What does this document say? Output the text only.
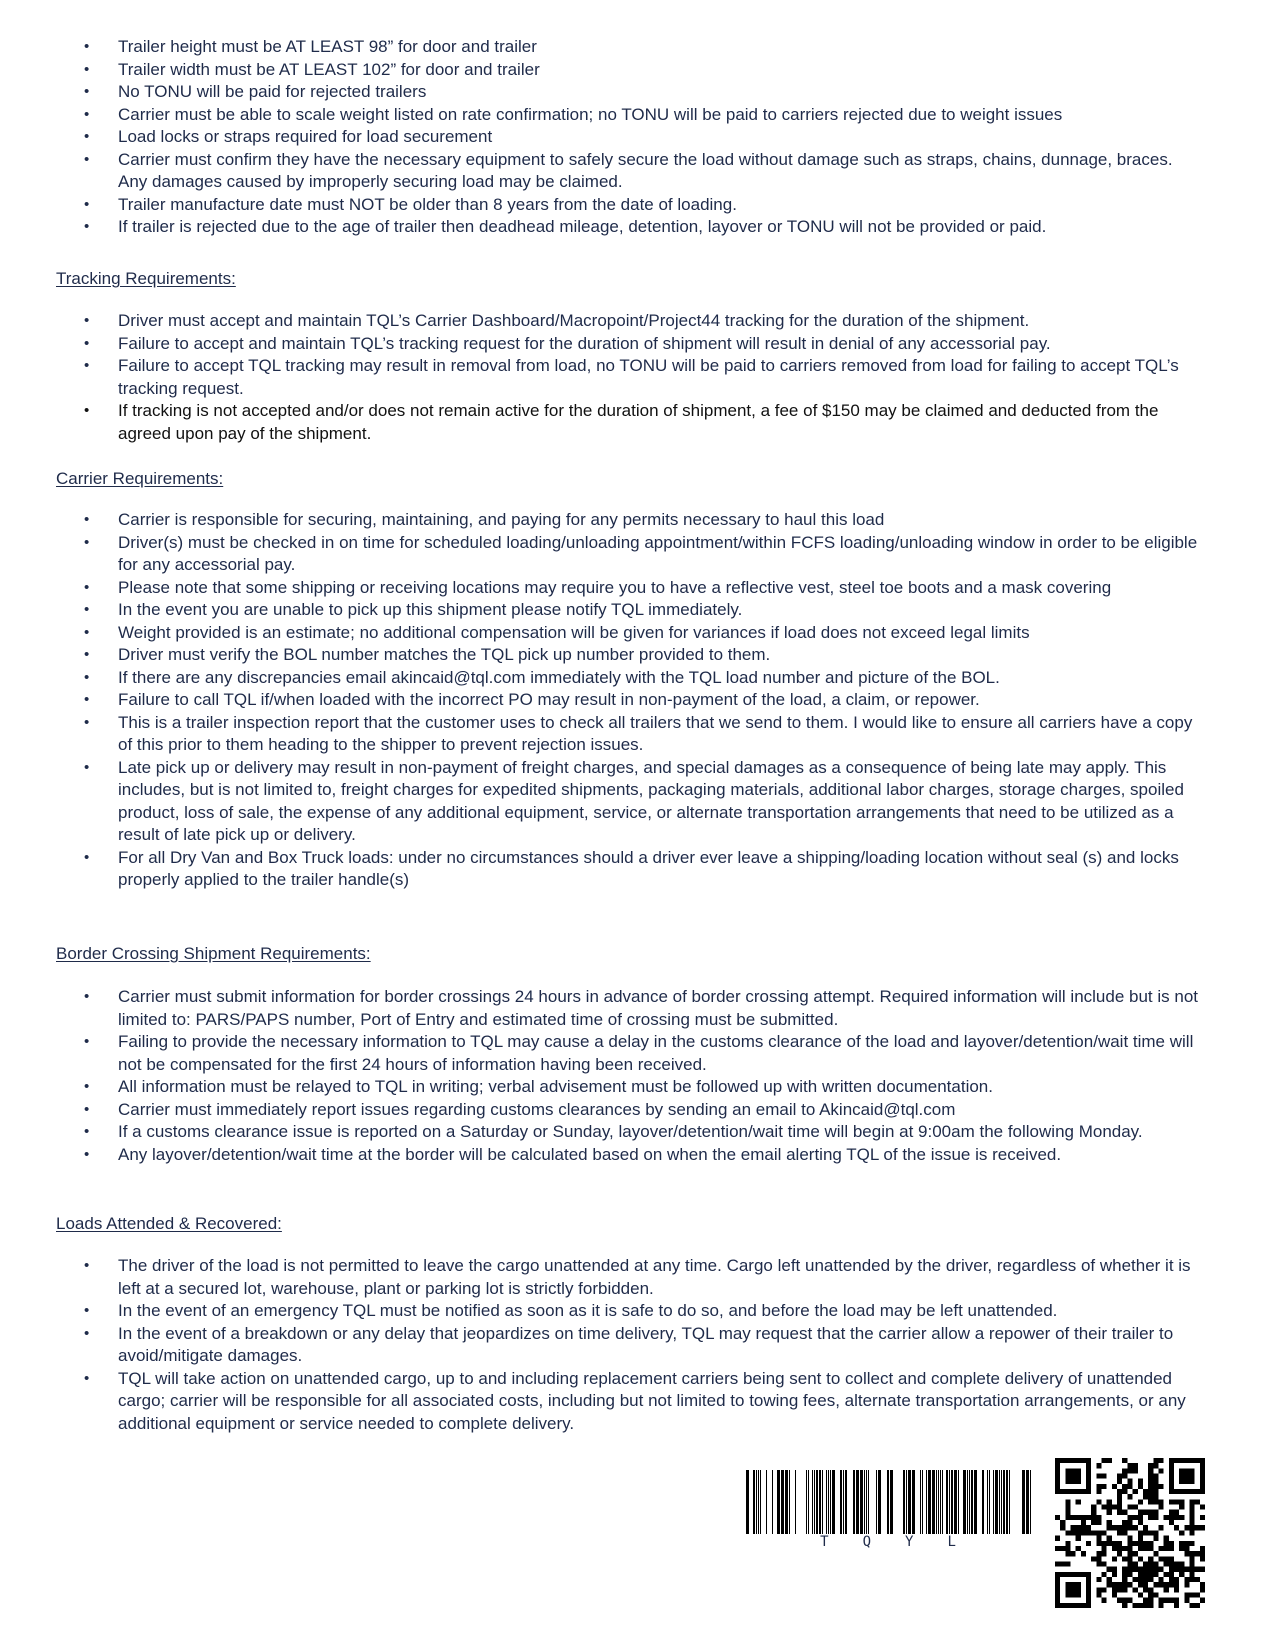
• Trailer height must be AT LEAST 98” for door and trailer
• Trailer width must be AT LEAST 102” for door and trailer
• No TONU will be paid for rejected trailers
• Carrier must be able to scale weight listed on rate confirmation; no TONU will be paid to carriers rejected due to weight issues
• Load locks or straps required for load securement
• Carrier must confirm they have the necessary equipment to safely secure the load without damage such as straps, chains, dunnage, braces. Any damages caused by improperly securing load may be claimed.
• Trailer manufacture date must NOT be older than 8 years from the date of loading.
• If trailer is rejected due to the age of trailer then deadhead mileage, detention, layover or TONU will not be provided or paid.
Tracking Requirements:
• Driver must accept and maintain TQL’s Carrier Dashboard/Macropoint/Project44 tracking for the duration of the shipment.
• Failure to accept and maintain TQL’s tracking request for the duration of shipment will result in denial of any accessorial pay.
• Failure to accept TQL tracking may result in removal from load, no TONU will be paid to carriers removed from load for failing to accept TQL’s tracking request.
• If tracking is not accepted and/or does not remain active for the duration of shipment, a fee of $150 may be claimed and deducted from the agreed upon pay of the shipment.
Carrier Requirements:
• Carrier is responsible for securing, maintaining, and paying for any permits necessary to haul this load
• Driver(s) must be checked in on time for scheduled loading/unloading appointment/within FCFS loading/unloading window in order to be eligible for any accessorial pay.
• Please note that some shipping or receiving locations may require you to have a reflective vest, steel toe boots and a mask covering
• In the event you are unable to pick up this shipment please notify TQL immediately.
• Weight provided is an estimate; no additional compensation will be given for variances if load does not exceed legal limits
• Driver must verify the BOL number matches the TQL pick up number provided to them.
• If there are any discrepancies email akincaid@tql.com immediately with the TQL load number and picture of the BOL.
• Failure to call TQL if/when loaded with the incorrect PO may result in non-payment of the load, a claim, or repower.
• This is a trailer inspection report that the customer uses to check all trailers that we send to them. I would like to ensure all carriers have a copy of this prior to them heading to the shipper to prevent rejection issues.
• Late pick up or delivery may result in non-payment of freight charges, and special damages as a consequence of being late may apply. This includes, but is not limited to, freight charges for expedited shipments, packaging materials, additional labor charges, storage charges, spoiled product, loss of sale, the expense of any additional equipment, service, or alternate transportation arrangements that need to be utilized as a result of late pick up or delivery.
• For all Dry Van and Box Truck loads: under no circumstances should a driver ever leave a shipping/loading location without seal (s) and locks properly applied to the trailer handle(s)
Border Crossing Shipment Requirements:
• Carrier must submit information for border crossings 24 hours in advance of border crossing attempt. Required information will include but is not limited to: PARS/PAPS number, Port of Entry and estimated time of crossing must be submitted.
• Failing to provide the necessary information to TQL may cause a delay in the customs clearance of the load and layover/detention/wait time will not be compensated for the first 24 hours of information having been received.
• All information must be relayed to TQL in writing; verbal advisement must be followed up with written documentation.
• Carrier must immediately report issues regarding customs clearances by sending an email to Akincaid@tql.com
• If a customs clearance issue is reported on a Saturday or Sunday, layover/detention/wait time will begin at 9:00am the following Monday.
• Any layover/detention/wait time at the border will be calculated based on when the email alerting TQL of the issue is received.
Loads Attended & Recovered:
• The driver of the load is not permitted to leave the cargo unattended at any time. Cargo left unattended by the driver, regardless of whether it is left at a secured lot, warehouse, plant or parking lot is strictly forbidden.
• In the event of an emergency TQL must be notified as soon as it is safe to do so, and before the load may be left unattended.
• In the event of a breakdown or any delay that jeopardizes on time delivery, TQL may request that the carrier allow a repower of their trailer to avoid/mitigate damages.
• TQL will take action on unattended cargo, up to and including replacement carriers being sent to collect and complete delivery of unattended cargo; carrier will be responsible for all associated costs, including but not limited to towing fees, alternate transportation arrangements, or any additional equipment or service needed to complete delivery.
T Q Y L
